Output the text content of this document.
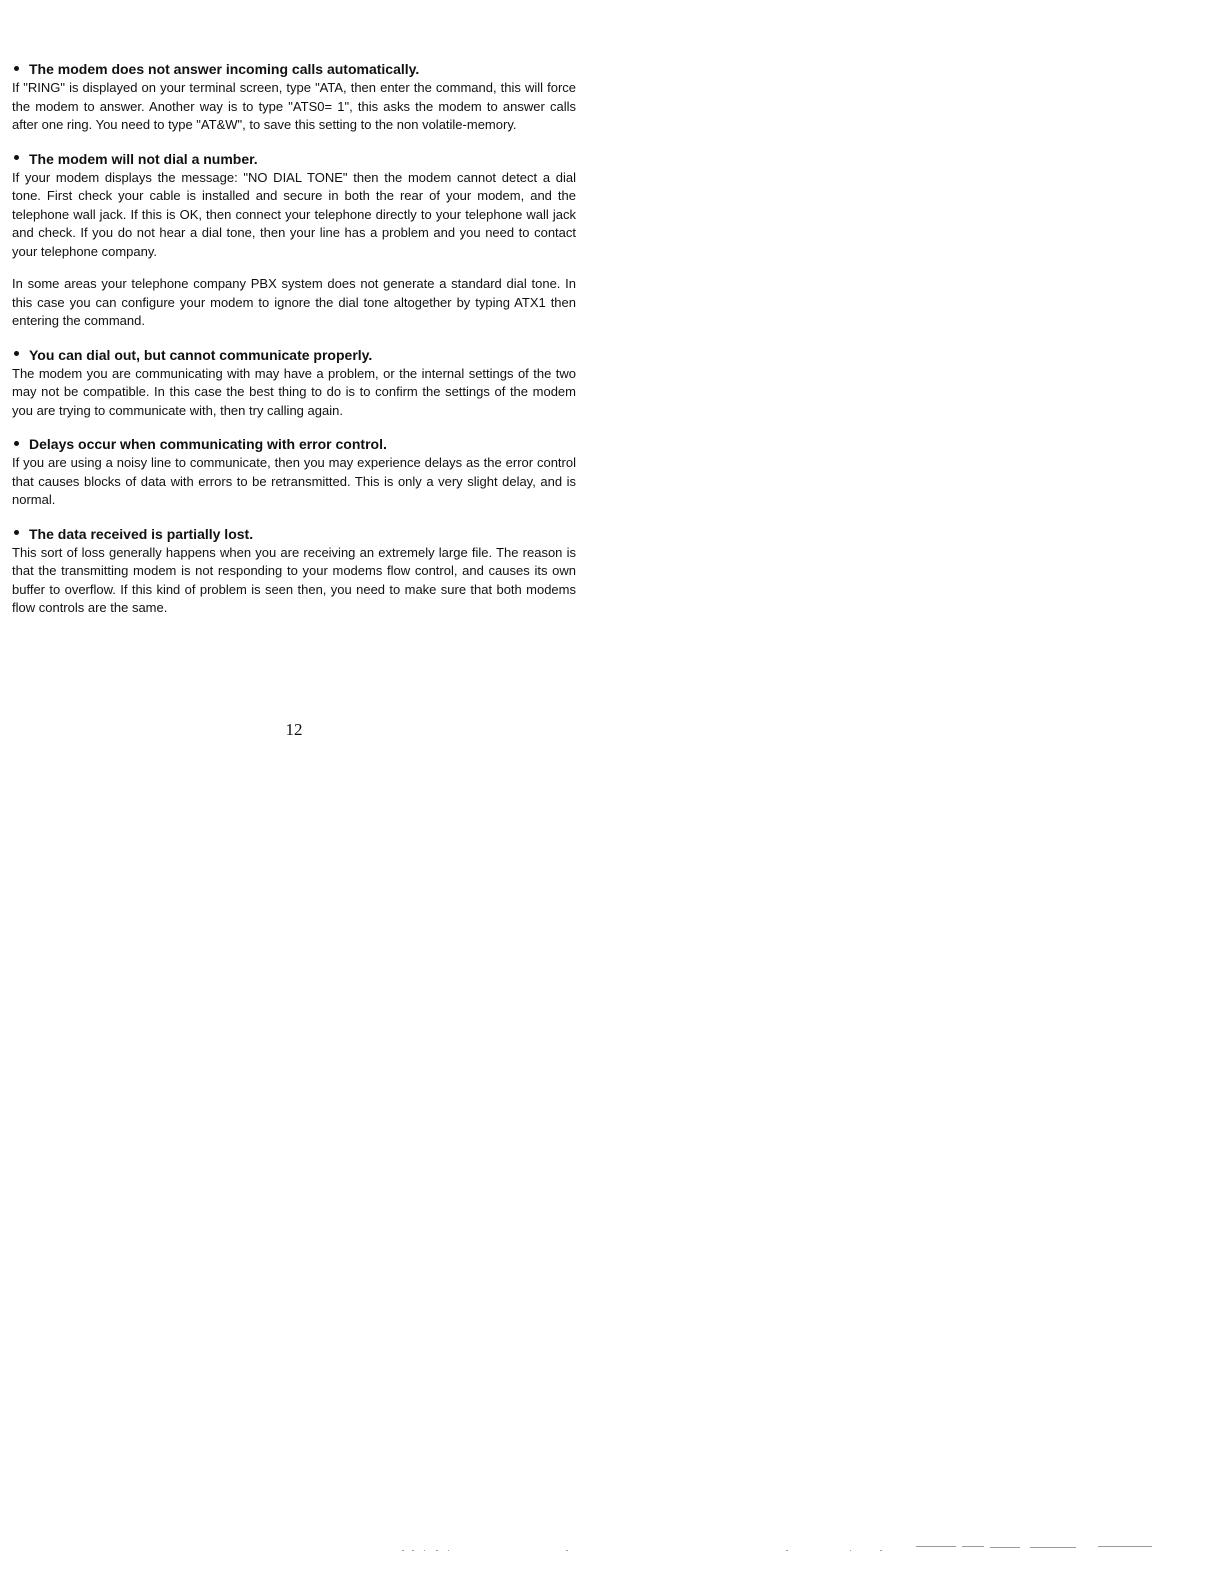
The modem does not answer incoming calls automatically.

If "RING" is displayed on your terminal screen, type "ATA, then enter the command, this will force the modem to answer. Another way is to type "ATS0= 1", this asks the modem to answer calls after one ring. You need to type "AT&W", to save this setting to the non volatile-memory.

The modem will not dial a number.

If your modem displays the message: "NO DIAL TONE" then the modem cannot detect a dial tone. First check your cable is installed and secure in both the rear of your modem, and the telephone wall jack. If this is OK, then connect your telephone directly to your telephone wall jack and check. If you do not hear a dial tone, then your line has a problem and you need to contact your telephone company.

In some areas your telephone company PBX system does not generate a standard dial tone. In this case you can configure your modem to ignore the dial tone altogether by typing ATX1 then entering the command.

You can dial out, but cannot communicate properly.

The modem you are communicating with may have a problem, or the internal settings of the two may not be compatible. In this case the best thing to do is to confirm the settings of the modem you are trying to communicate with, then try calling again.

Delays occur when communicating with error control.

If you are using a noisy line to communicate, then you may experience delays as the error control that causes blocks of data with errors to be retransmitted. This is only a very slight delay, and is normal.

The data received is partially lost.

This sort of loss generally happens when you are receiving an extremely large file. The reason is that the transmitting modem is not responding to your modems flow control, and causes its own buffer to overflow. If this kind of problem is seen then, you need to make sure that both modems flow controls are the same.

12
